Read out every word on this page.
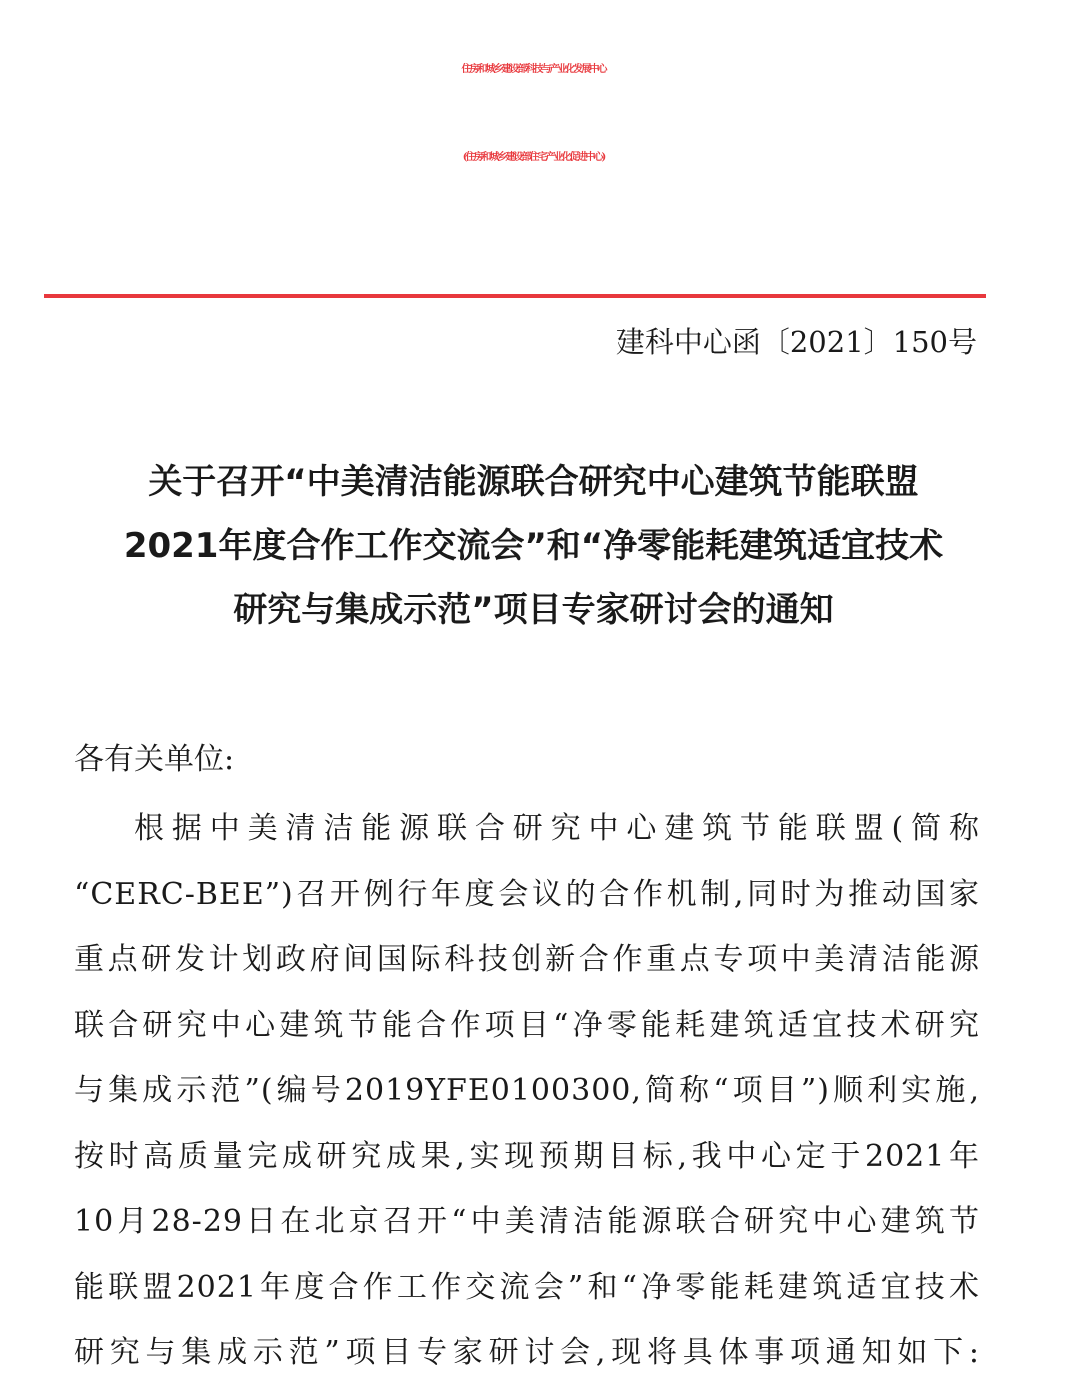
住房和城乡建设部科技与产业化发展中心
(住房和城乡建设部住宅产业化促进中心)
建科中心函〔2021〕150号
关于召开“中美清洁能源联合研究中心建筑节能联盟
2021年度合作工作交流会”和“净零能耗建筑适宜技术
研究与集成示范”项目专家研讨会的通知
各有关单位:
根据中美清洁能源联合研究中心建筑节能联盟(简称
“CERC-BEE”)召开例行年度会议的合作机制,同时为推动国家
重点研发计划政府间国际科技创新合作重点专项中美清洁能源
联合研究中心建筑节能合作项目“净零能耗建筑适宜技术研究
与集成示范”(编号2019YFE0100300,简称“项目”)顺利实施,
按时高质量完成研究成果,实现预期目标,我中心定于2021年
10月28-29日在北京召开“中美清洁能源联合研究中心建筑节
能联盟2021年度合作工作交流会”和“净零能耗建筑适宜技术
研究与集成示范”项目专家研讨会,现将具体事项通知如下:
